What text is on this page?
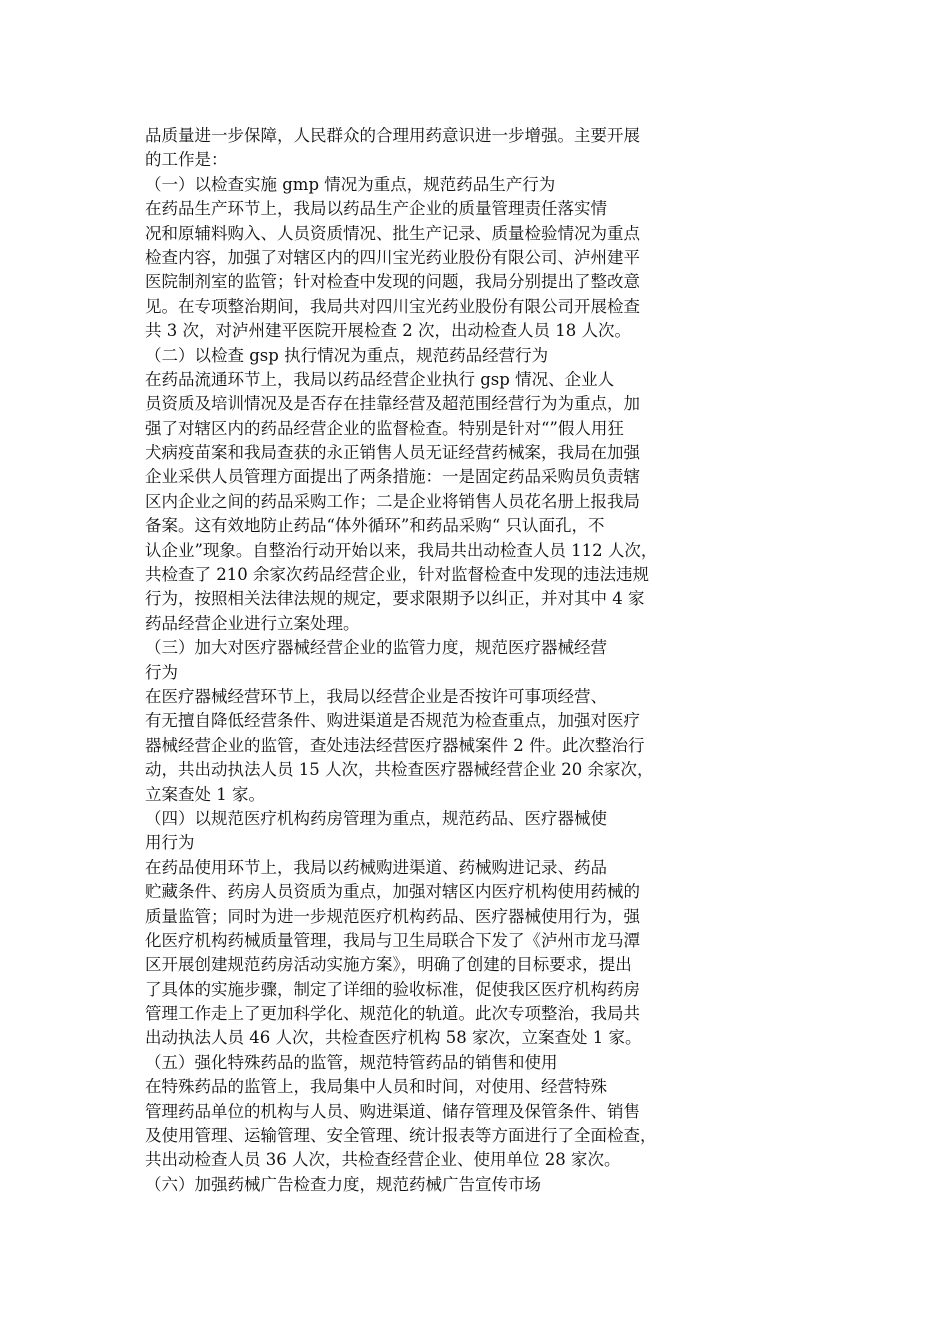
品质量进一步保障，人民群众的合理用药意识进一步增强。主要开展
的工作是：
（一）以检查实施 gmp 情况为重点，规范药品生产行为
在药品生产环节上，我局以药品生产企业的质量管理责任落实情
况和原辅料购入、人员资质情况、批生产记录、质量检验情况为重点
检查内容，加强了对辖区内的四川宝光药业股份有限公司、泸州建平
医院制剂室的监管；针对检查中发现的问题，我局分别提出了整改意
见。在专项整治期间，我局共对四川宝光药业股份有限公司开展检查
共 3 次，对泸州建平医院开展检查 2 次，出动检查人员 18 人次。
（二）以检查 gsp 执行情况为重点，规范药品经营行为
在药品流通环节上，我局以药品经营企业执行 gsp 情况、企业人
员资质及培训情况及是否存在挂靠经营及超范围经营行为为重点，加
强了对辖区内的药品经营企业的监督检查。特别是针对“”假人用狂
犬病疫苗案和我局查获的永正销售人员无证经营药械案，我局在加强
企业采供人员管理方面提出了两条措施：一是固定药品采购员负责辖
区内企业之间的药品采购工作；二是企业将销售人员花名册上报我局
备案。这有效地防止药品“体外循环”和药品采购“ 只认面孔，不
认企业”现象。自整治行动开始以来，我局共出动检查人员 112 人次，
共检查了 210 余家次药品经营企业，针对监督检查中发现的违法违规
行为，按照相关法律法规的规定，要求限期予以纠正，并对其中 4 家
药品经营企业进行立案处理。
（三）加大对医疗器械经营企业的监管力度，规范医疗器械经营
行为
在医疗器械经营环节上，我局以经营企业是否按许可事项经营、
有无擅自降低经营条件、购进渠道是否规范为检查重点，加强对医疗
器械经营企业的监管，查处违法经营医疗器械案件 2 件。此次整治行
动，共出动执法人员 15 人次，共检查医疗器械经营企业 20 余家次，
立案查处 1 家。
（四）以规范医疗机构药房管理为重点，规范药品、医疗器械使
用行为
在药品使用环节上，我局以药械购进渠道、药械购进记录、药品
贮藏条件、药房人员资质为重点，加强对辖区内医疗机构使用药械的
质量监管；同时为进一步规范医疗机构药品、医疗器械使用行为，强
化医疗机构药械质量管理，我局与卫生局联合下发了《泸州市龙马潭
区开展创建规范药房活动实施方案》，明确了创建的目标要求，提出
了具体的实施步骤，制定了详细的验收标准，促使我区医疗机构药房
管理工作走上了更加科学化、规范化的轨道。此次专项整治，我局共
出动执法人员 46 人次，共检查医疗机构 58 家次，立案查处 1 家。
（五）强化特殊药品的监管，规范特管药品的销售和使用
在特殊药品的监管上，我局集中人员和时间，对使用、经营特殊
管理药品单位的机构与人员、购进渠道、储存管理及保管条件、销售
及使用管理、运输管理、安全管理、统计报表等方面进行了全面检查，
共出动检查人员 36 人次，共检查经营企业、使用单位 28 家次。
（六）加强药械广告检查力度，规范药械广告宣传市场
